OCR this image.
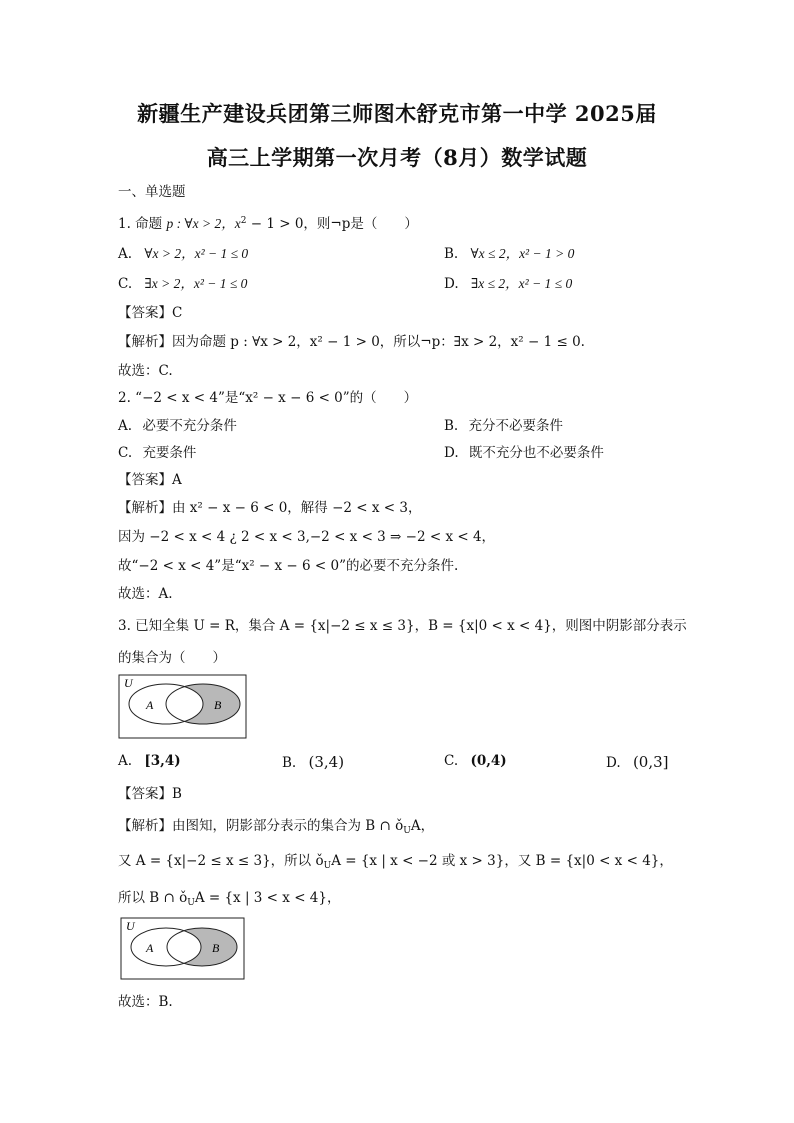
新疆生产建设兵团第三师图木舒克市第一中学 2025届
高三上学期第一次月考（8月）数学试题
一、单选题
1. 命题 p : ∀x > 2，$x^2 - 1 > 0$，则¬p是（　　）
A. ∀x > 2，x² − 1 ≤ 0	B. ∀x ≤ 2，x² − 1 > 0
C. ∃x > 2，x² − 1 ≤ 0	D. ∃x ≤ 2，x² − 1 ≤ 0
【答案】C
【解析】因为命题 p : ∀x > 2，x² − 1 > 0，所以¬p：∃x > 2，x² − 1 ≤ 0.
故选：C.
2. “−2 < x < 4”是“x² − x − 6 < 0”的（　　）
A. 必要不充分条件	B. 充分不必要条件
C. 充要条件	D. 既不充分也不必要条件
【答案】A
【解析】由 x² − x − 6 < 0，解得 −2 < x < 3，
因为 −2 < x < 4 ¿ 2 < x < 3,−2 < x < 3 ⇒ −2 < x < 4，
故“−2 < x < 4”是“x² − x − 6 < 0”的必要不充分条件.
故选：A.
3. 已知全集 U = R，集合 A = {x|−2 ≤ x ≤ 3}，B = {x|0 < x < 4}，则图中阴影部分表示
的集合为（　　）
U
A	B
A. [3,4)	B. (3,4)	C. (0,4)	D. (0,3]
【答案】B
【解析】由图知，阴影部分表示的集合为 B ∩ $ǒ_UA$，
又 A = {x|−2 ≤ x ≤ 3}，所以 $ǒ_UA = \{x$ | x < −2 或 x > 3}，又 B = {x|0 < x < 4}，
所以 B ∩ $ǒ_UA = \{x$ | 3 < x < 4}，
U
A	B
故选：B.
